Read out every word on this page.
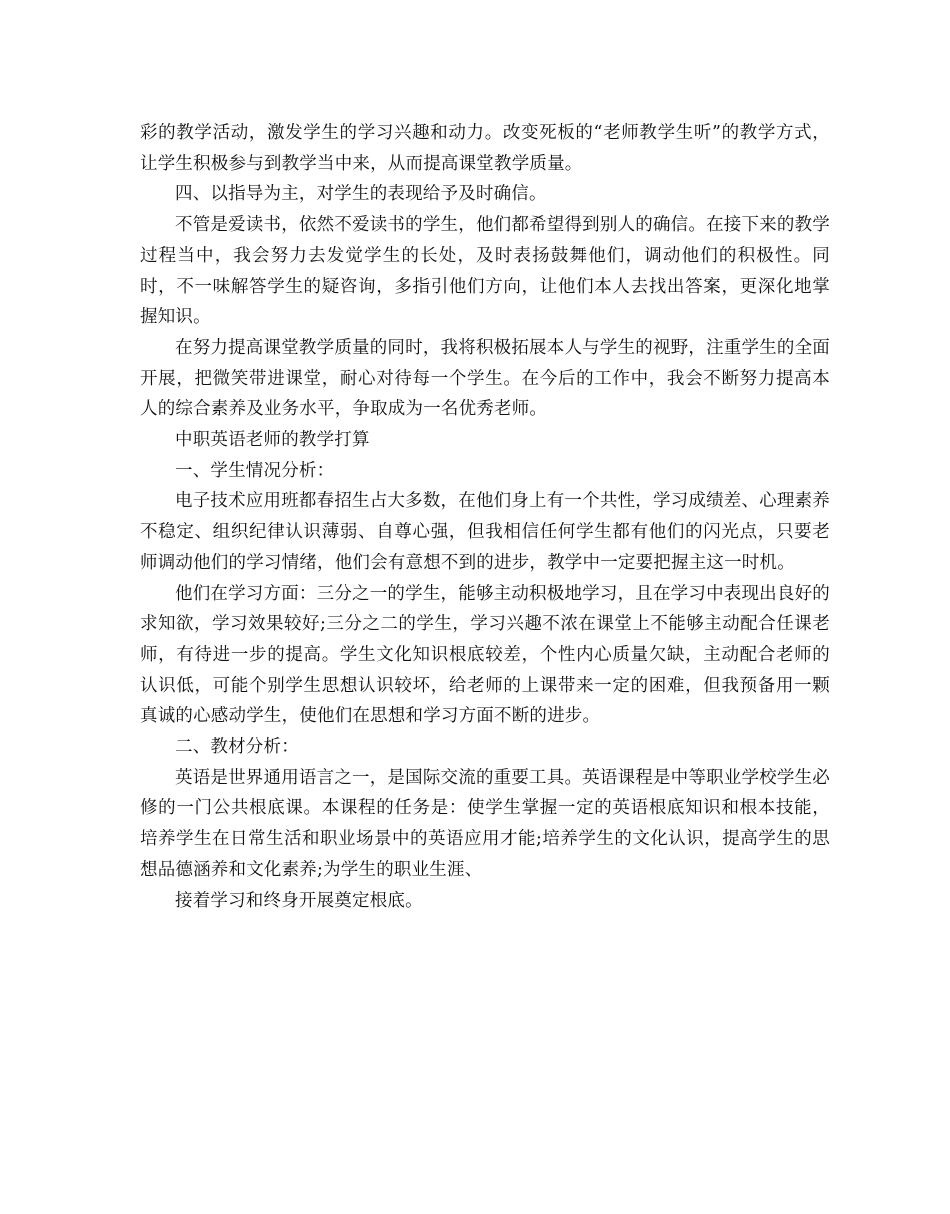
彩的教学活动，激发学生的学习兴趣和动力。改变死板的“老师教学生听”的教学方式，让学生积极参与到教学当中来，从而提高课堂教学质量。

四、以指导为主，对学生的表现给予及时确信。

不管是爱读书，依然不爱读书的学生，他们都希望得到别人的确信。在接下来的教学过程当中，我会努力去发觉学生的长处，及时表扬鼓舞他们，调动他们的积极性。同时，不一味解答学生的疑咨询，多指引他们方向，让他们本人去找出答案，更深化地掌握知识。

在努力提高课堂教学质量的同时，我将积极拓展本人与学生的视野，注重学生的全面开展，把微笑带进课堂，耐心对待每一个学生。在今后的工作中，我会不断努力提高本人的综合素养及业务水平，争取成为一名优秀老师。

中职英语老师的教学打算

一、学生情况分析：

电子技术应用班都春招生占大多数，在他们身上有一个共性，学习成绩差、心理素养不稳定、组织纪律认识薄弱、自尊心强，但我相信任何学生都有他们的闪光点，只要老师调动他们的学习情绪，他们会有意想不到的进步，教学中一定要把握主这一时机。

他们在学习方面：三分之一的学生，能够主动积极地学习，且在学习中表现出良好的求知欲，学习效果较好;三分之二的学生，学习兴趣不浓在课堂上不能够主动配合任课老师，有待进一步的提高。学生文化知识根底较差，个性内心质量欠缺，主动配合老师的认识低，可能个别学生思想认识较坏，给老师的上课带来一定的困难，但我预备用一颗真诚的心感动学生，使他们在思想和学习方面不断的进步。

二、教材分析：

英语是世界通用语言之一，是国际交流的重要工具。英语课程是中等职业学校学生必修的一门公共根底课。本课程的任务是：使学生掌握一定的英语根底知识和根本技能，培养学生在日常生活和职业场景中的英语应用才能;培养学生的文化认识，提高学生的思想品德涵养和文化素养;为学生的职业生涯、

接着学习和终身开展奠定根底。
